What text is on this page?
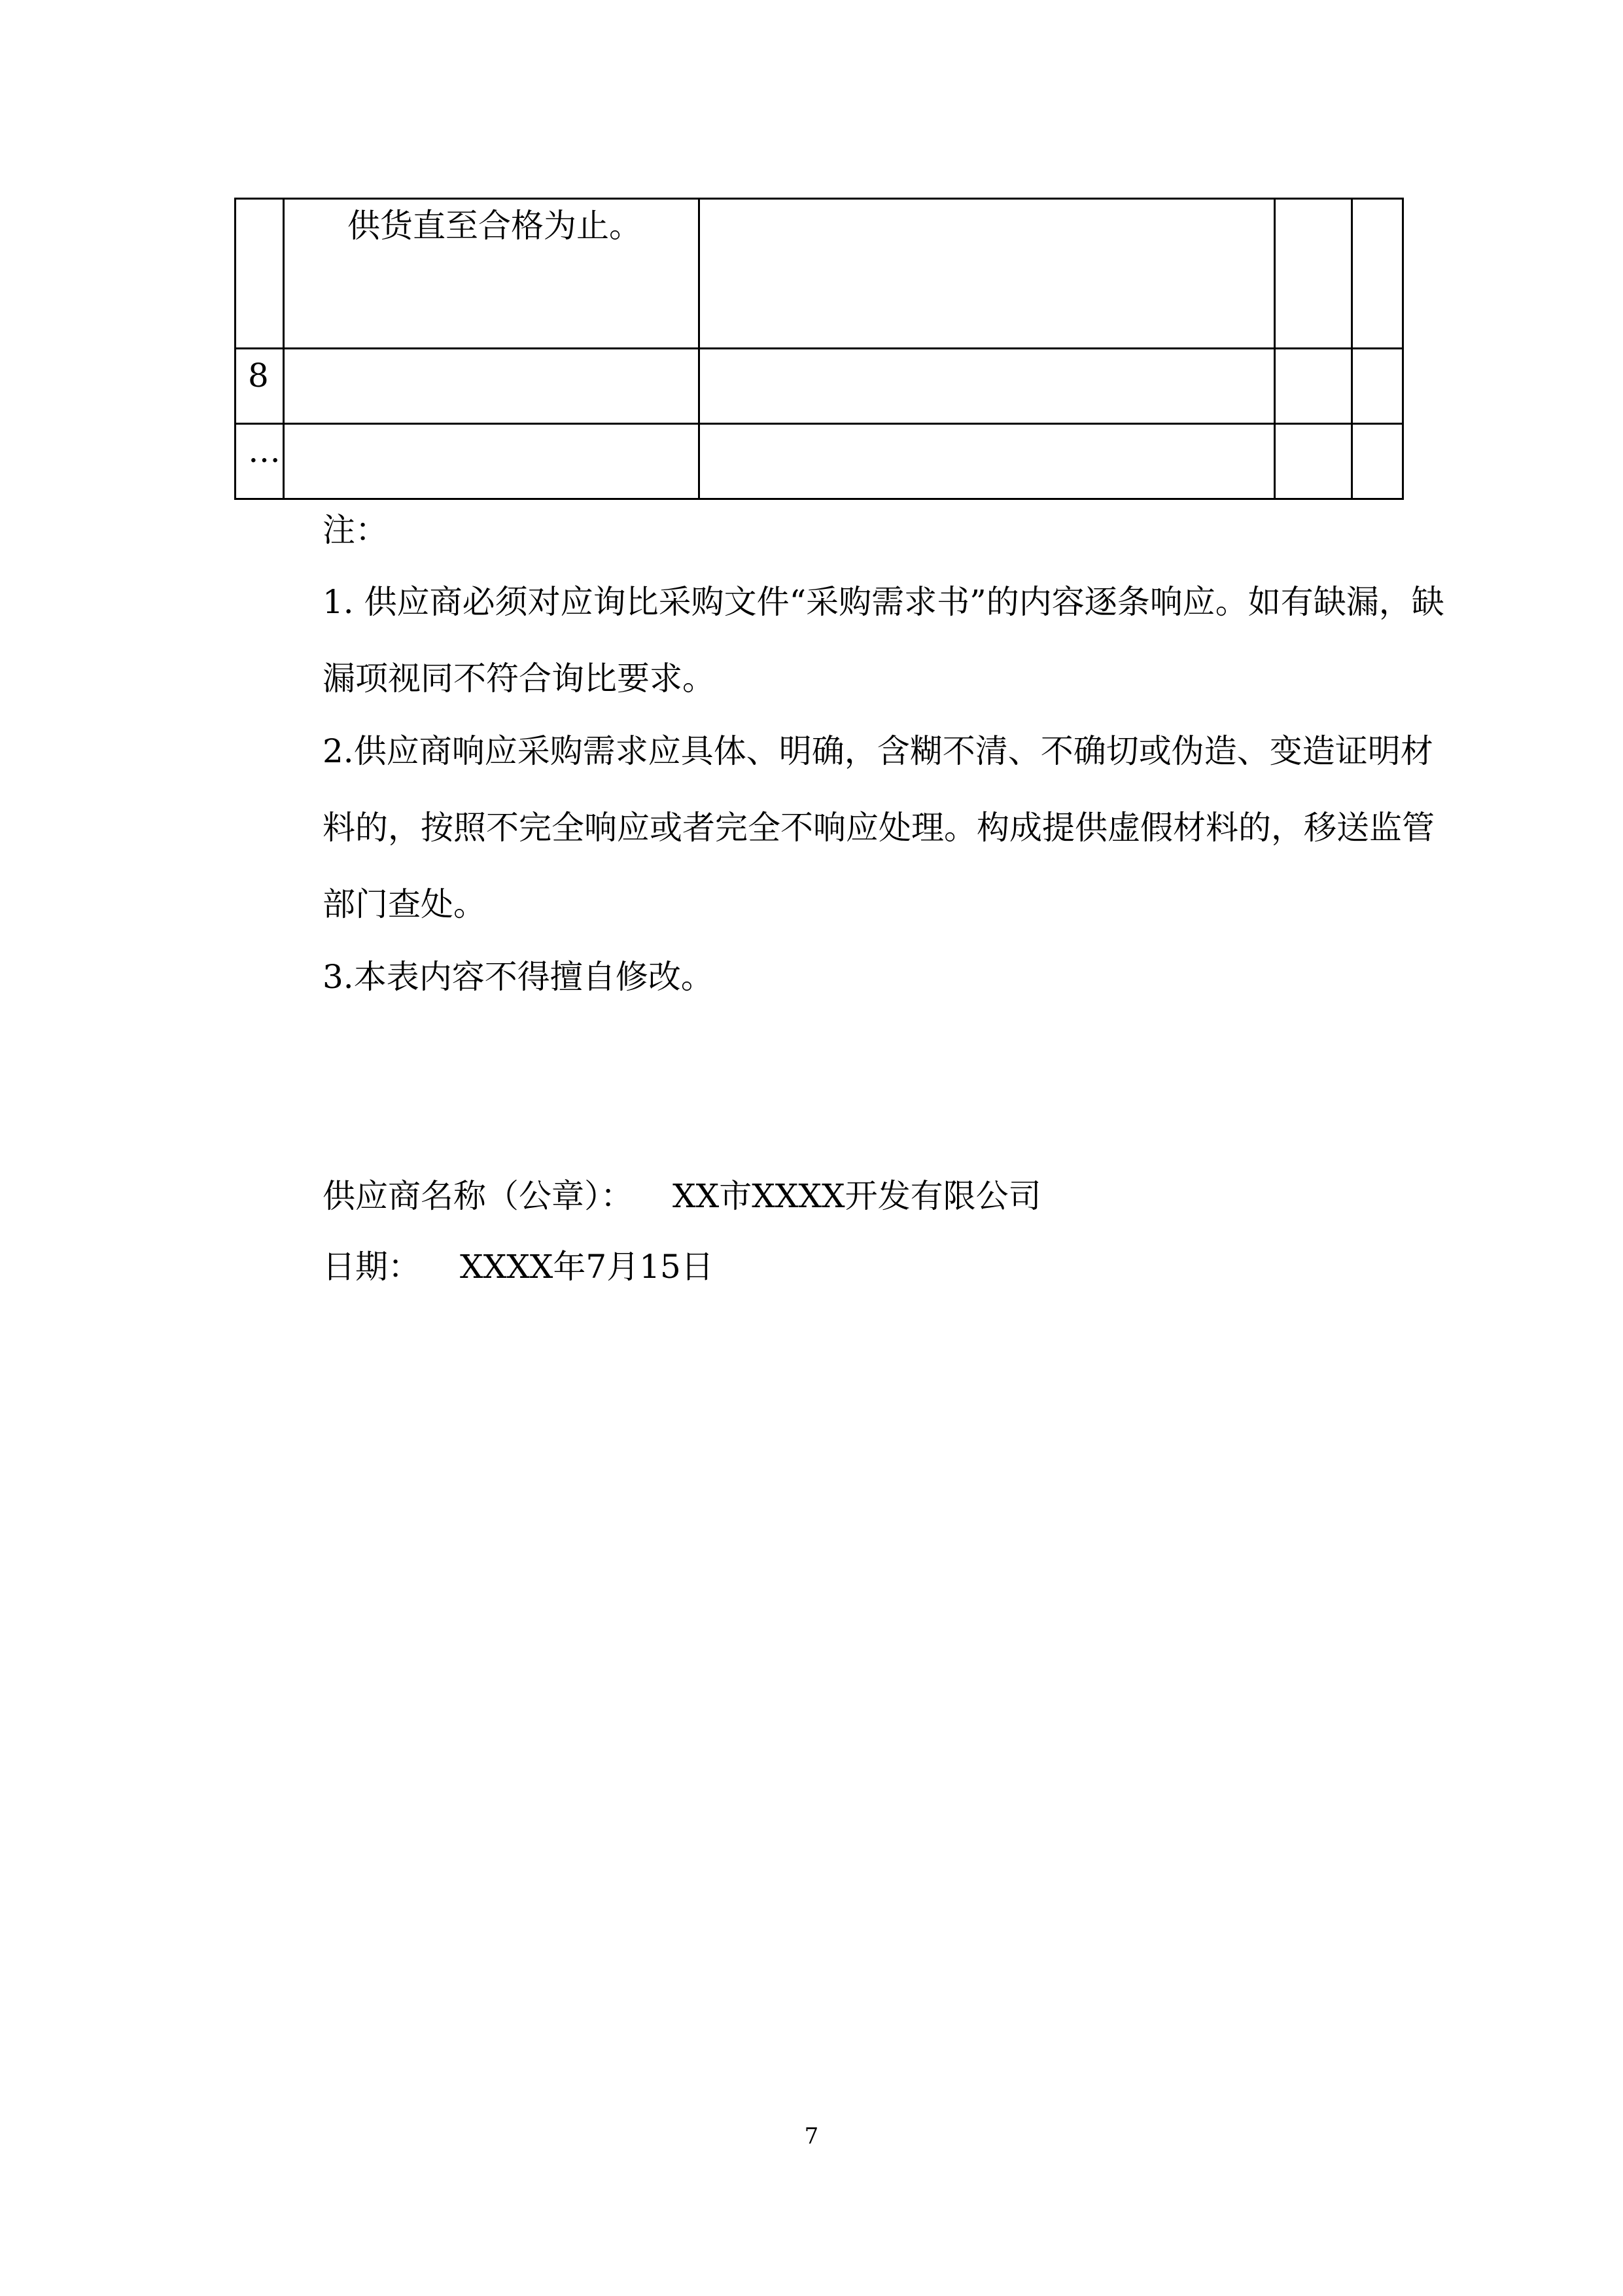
	供货直至合格为止。			
8				
…				

注：

1. 供应商必须对应询比采购文件“采购需求书”的内容逐条响应。如有缺漏，缺漏项视同不符合询比要求。

2.供应商响应采购需求应具体、明确，含糊不清、不确切或伪造、变造证明材料的，按照不完全响应或者完全不响应处理。构成提供虚假材料的，移送监管部门查处。

3.本表内容不得擅自修改。

供应商名称（公章）： XX市XXXX开发有限公司
日期： XXXX年7月15日
7
